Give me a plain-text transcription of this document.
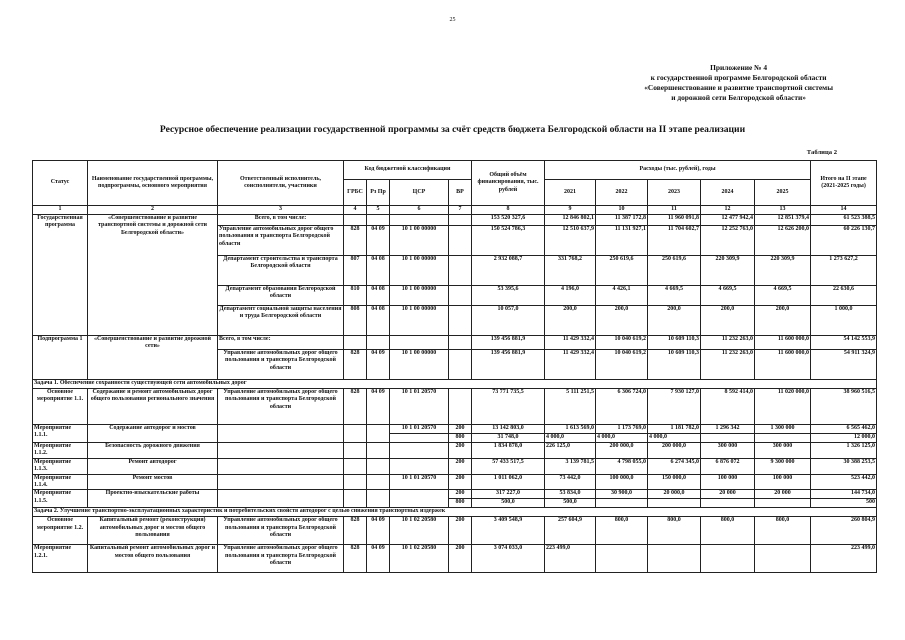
25
Приложение № 4
к государственной программе Белгородской области
«Совершенствование и развитие транспортной системы
и дорожной сети Белгородской области»
Ресурсное обеспечение реализации государственной программы за счёт средств бюджета Белгородской области на II этапе реализации
Таблица 2
Статус	Наименование государственной программы, подпрограммы, основного мероприятия	Ответственный исполнитель, соисполнители, участники	Код бюджетной классификации				Общий объём финансирования, тыс. рублей	Расходы (тыс. рублей), годы					Итого на II этапе (2021-2025 годы)
			ГРБС	Рз Пр	ЦСР	ВР		2021	2022	2023	2024	2025	
1	2	3	4	5	6	7	8	9	10	11	12	13	14
Государственная программа	«Совершенствование и развитие транспортной системы и дорожной сети Белгородской области»	Всего, в том числе:					153 520 327,6	12 846 802,1	11 387 172,8	11 960 091,8	12 477 942,4	12 851 379,4	61 523 388,5
		Управление автомобильных дорог общего пользования и транспорта Белгородской области	828	04 09	10 1 00 00000		150 524 786,3	12 510 637,9	11 131 927,1	11 704 602,7	12 252 763,0	12 626 200,0	60 226 130,7
		Департамент строительства и транспорта Белгородской области	807	04 08	10 1 00 00000		2 932 088,7	331 768,2	250 619,6	250 619,6	220 309,9	220 309,9	1 273 627,2
		Департамент образования Белгородской области	810	04 08	10 1 00 00000		53 395,6	4 196,0	4 426,1	4 669,5	4 669,5	4 669,5	22 630,6
		Департамент социальной защиты населения и труда Белгородской области	808	04 08	10 1 00 00000		10 057,0	200,0	200,0	200,0	200,0	200,0	1 000,0
Подпрограмма 1	«Совершенствование и развитие дорожной сети»	Всего, в том числе:					139 456 881,9	11 429 332,4	10 040 619,2	10 609 110,3	11 232 263,0	11 600 000,0	54 142 553,9
		Управление автомобильных дорог общего пользования и транспорта Белгородской области	828	04 09	10 1 00 00000		139 456 881,9	11 429 332,4	10 040 619,2	10 609 110,3	11 232 263,0	11 600 000,0	54 911 324,9
Задача 1. Обеспечение сохранности существующей сети автомобильных дорог													
Основное мероприятие 1.1.	Содержание и ремонт автомобильных дорог общего пользования регионального значения	Управление автомобильных дорог общего пользования и транспорта Белгородской области	828	04 09	10 1 01 20570		73 771 735,5	5 111 251,5	6 306 724,0	7 930 127,0	8 592 414,0	11 020 000,0	38 960 516,5
Мероприятие 1.1.1.	Содержание автодорог и мостов				10 1 01 20570	200	13 142 803,0	1 613 569,0	1 173 769,0	1 181 782,0	1 296 342	1 300 000	6 565 462,0
						800	31 748,0	4 000,0	4 000,0	4 000,0			12 000,0
Мероприятие 1.1.2.	Безопасность дорожного движения					200	1 834 878,0	226 125,0	200 000,0	200 000,0	300 000	300 000	1 326 125,0
Мероприятие 1.1.3.	Ремонт автодорог					200	57 433 517,5	3 139 781,5	4 798 055,0	6 274 345,0	6 876 072	9 300 000	30 388 253,5
Мероприятие 1.1.4.	Ремонт мостов				10 1 01 20570	200	1 011 062,0	73 442,0	100 000,0	150 000,0	100 000	100 000	523 442,0
Мероприятие 1.1.5.	Проектно-изыскательские работы					200	317 227,0	53 834,0	30 900,0	20 000,0	20 000	20 000	144 734,0
						800	500,0	500,0					500
Задача 2. Улучшение транспортно-эксплуатационных характеристик и потребительских свойств автодорог с целью снижения транспортных издержек													
Основное мероприятие 1.2.	Капитальный ремонт (реконструкция) автомобильных дорог и мостов общего пользования	Управление автомобильных дорог общего пользования и транспорта Белгородской области	828	04 09	10 1 02 20580	200	3 409 548,9	257 604,9	800,0	800,0	800,0	800,0	260 804,9
Мероприятие 1.2.1.	Капитальный ремонт автомобильных дорог и мостов общего пользования	Управление автомобильных дорог общего пользования и транспорта Белгородской области	828	04 09	10 1 02 20580	200	3 074 033,0	223 499,0					223 499,0
